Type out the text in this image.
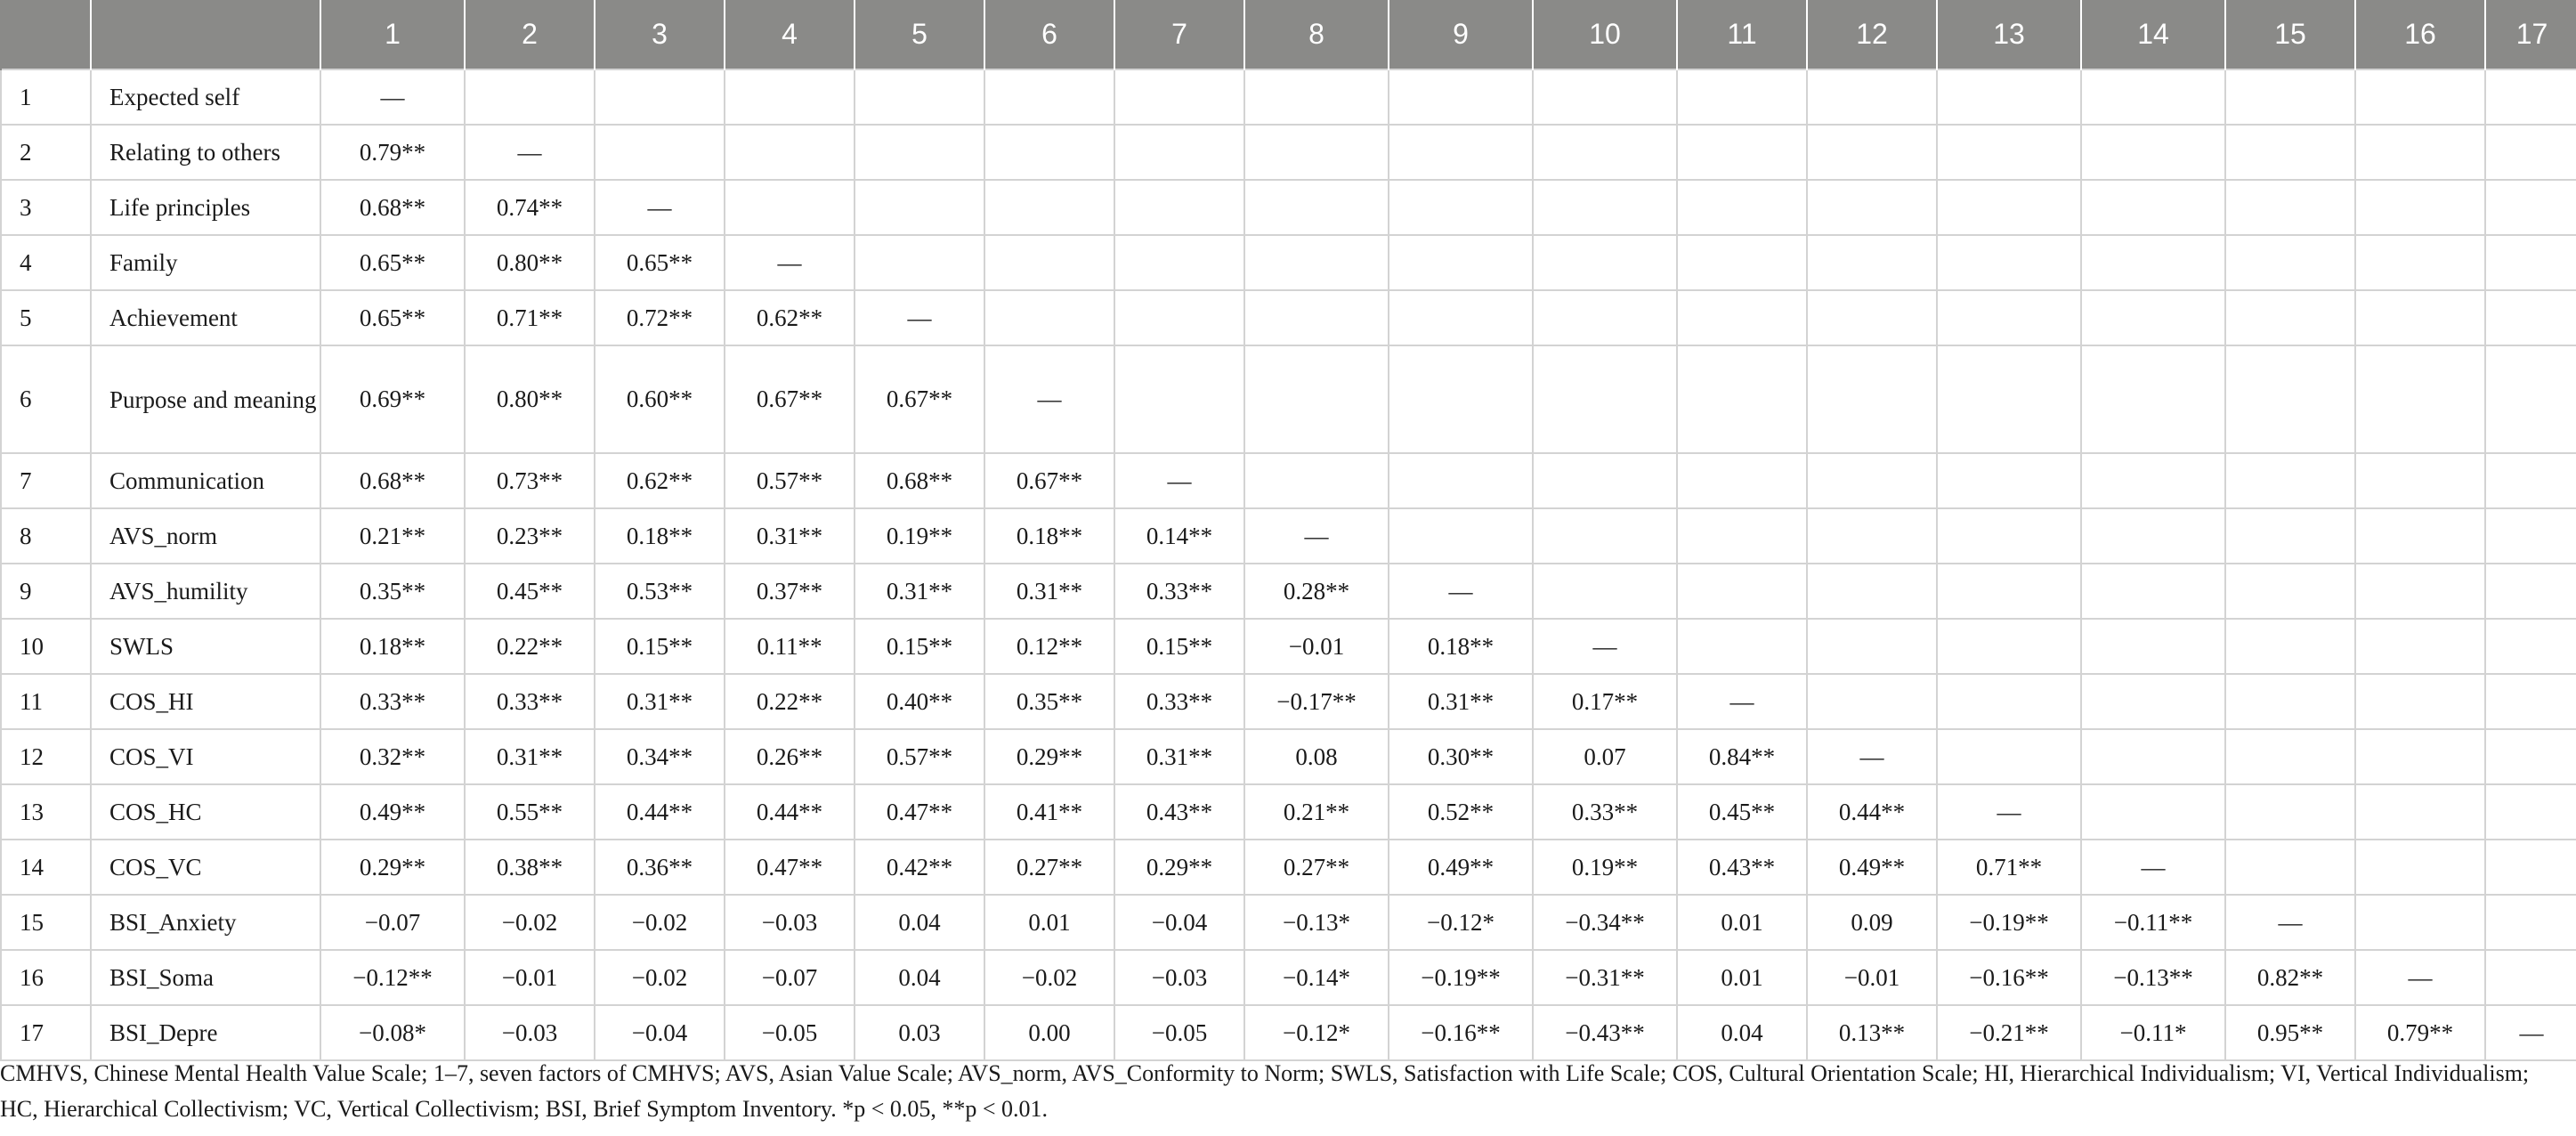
		1	2	3	4	5	6	7	8	9	10	11	12	13	14	15	16	17
1	Expected self	—																
2	Relating to others	0.79**	—															
3	Life principles	0.68**	0.74**	—														
4	Family	0.65**	0.80**	0.65**	—													
5	Achievement	0.65**	0.71**	0.72**	0.62**	—												
6	Purpose and meaning	0.69**	0.80**	0.60**	0.67**	0.67**	—											
7	Communication	0.68**	0.73**	0.62**	0.57**	0.68**	0.67**	—										
8	AVS_norm	0.21**	0.23**	0.18**	0.31**	0.19**	0.18**	0.14**	—									
9	AVS_humility	0.35**	0.45**	0.53**	0.37**	0.31**	0.31**	0.33**	0.28**	—								
10	SWLS	0.18**	0.22**	0.15**	0.11**	0.15**	0.12**	0.15**	−0.01	0.18**	—							
11	COS_HI	0.33**	0.33**	0.31**	0.22**	0.40**	0.35**	0.33**	−0.17**	0.31**	0.17**	—						
12	COS_VI	0.32**	0.31**	0.34**	0.26**	0.57**	0.29**	0.31**	0.08	0.30**	0.07	0.84**	—					
13	COS_HC	0.49**	0.55**	0.44**	0.44**	0.47**	0.41**	0.43**	0.21**	0.52**	0.33**	0.45**	0.44**	—				
14	COS_VC	0.29**	0.38**	0.36**	0.47**	0.42**	0.27**	0.29**	0.27**	0.49**	0.19**	0.43**	0.49**	0.71**	—			
15	BSI_Anxiety	−0.07	−0.02	−0.02	−0.03	0.04	0.01	−0.04	−0.13*	−0.12*	−0.34**	0.01	0.09	−0.19**	−0.11**	—		
16	BSI_Soma	−0.12**	−0.01	−0.02	−0.07	0.04	−0.02	−0.03	−0.14*	−0.19**	−0.31**	0.01	−0.01	−0.16**	−0.13**	0.82**	—	
17	BSI_Depre	−0.08*	−0.03	−0.04	−0.05	0.03	0.00	−0.05	−0.12*	−0.16**	−0.43**	0.04	0.13**	−0.21**	−0.11*	0.95**	0.79**	—
CMHVS, Chinese Mental Health Value Scale; 1–7, seven factors of CMHVS; AVS, Asian Value Scale; AVS_norm, AVS_Conformity to Norm; SWLS, Satisfaction with Life Scale; COS, Cultural Orientation Scale; HI, Hierarchical Individualism; VI, Vertical Individualism; HC, Hierarchical Collectivism; VC, Vertical Collectivism; BSI, Brief Symptom Inventory. *p < 0.05, **p < 0.01.
